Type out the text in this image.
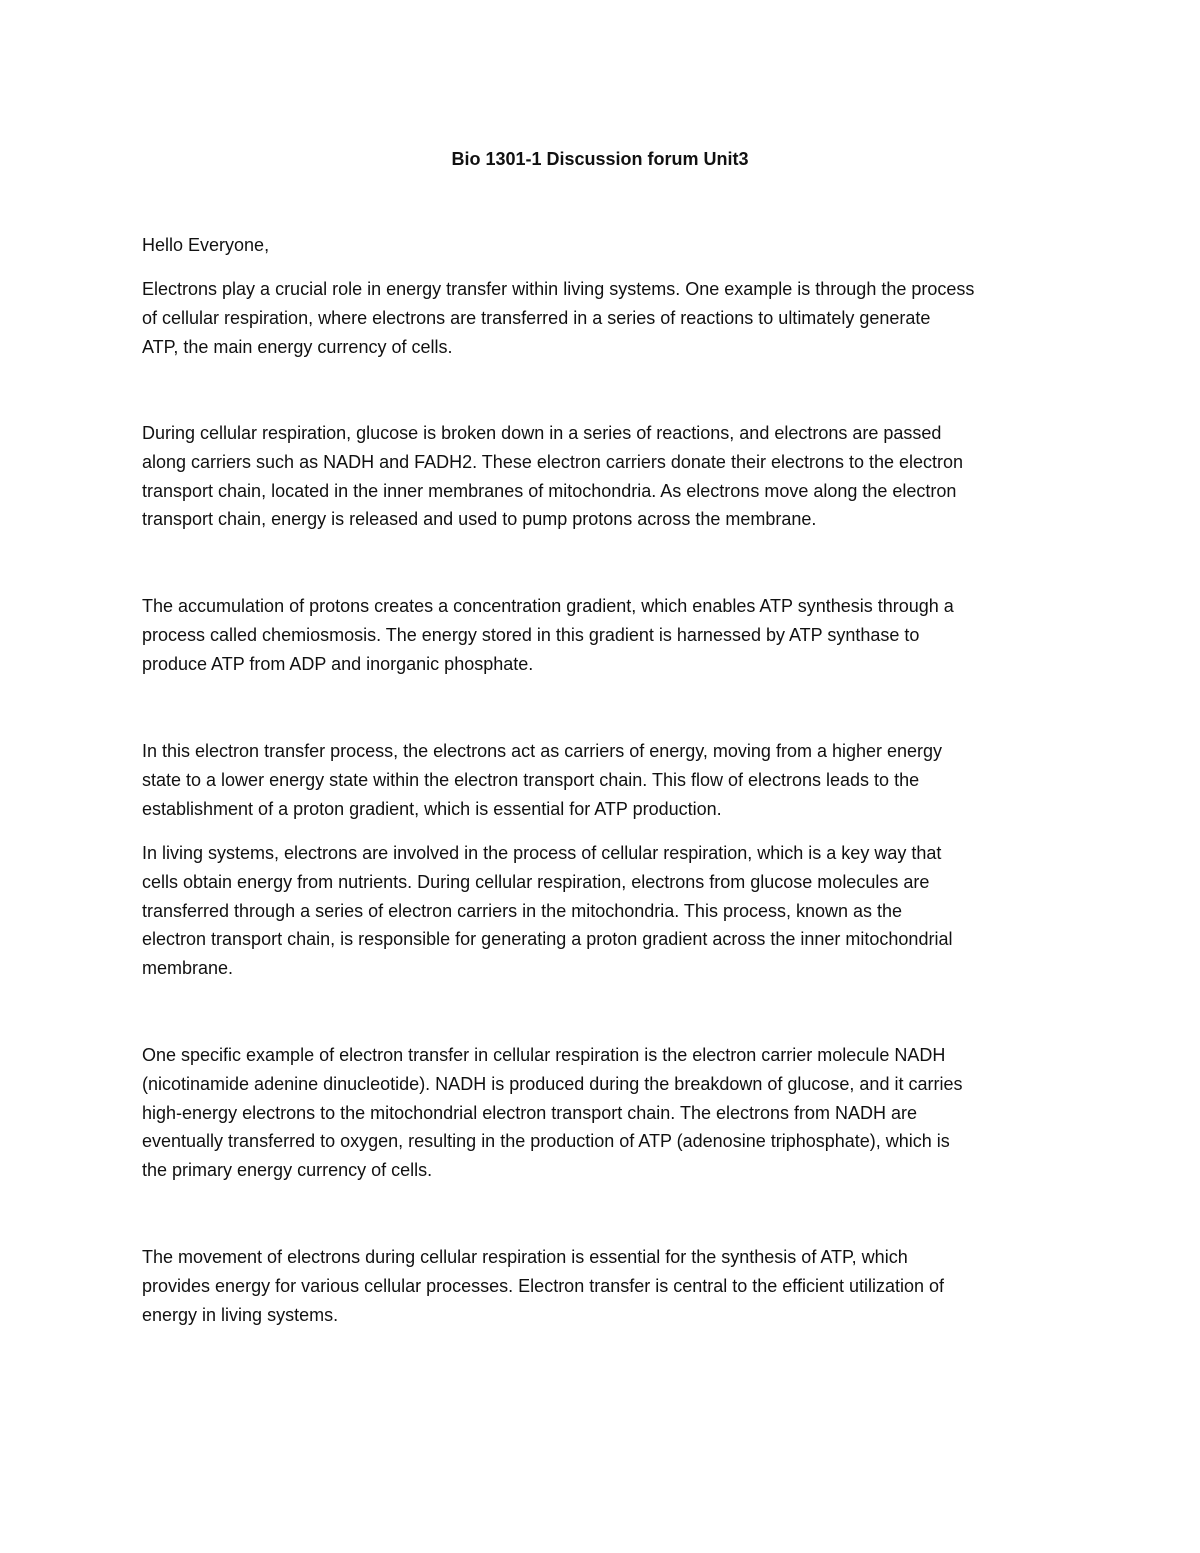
Bio 1301-1 Discussion forum Unit3

Hello Everyone,

Electrons play a crucial role in energy transfer within living systems. One example is through the process
of cellular respiration, where electrons are transferred in a series of reactions to ultimately generate
ATP, the main energy currency of cells.

During cellular respiration, glucose is broken down in a series of reactions, and electrons are passed
along carriers such as NADH and FADH2. These electron carriers donate their electrons to the electron
transport chain, located in the inner membranes of mitochondria. As electrons move along the electron
transport chain, energy is released and used to pump protons across the membrane.

The accumulation of protons creates a concentration gradient, which enables ATP synthesis through a
process called chemiosmosis. The energy stored in this gradient is harnessed by ATP synthase to
produce ATP from ADP and inorganic phosphate.

In this electron transfer process, the electrons act as carriers of energy, moving from a higher energy
state to a lower energy state within the electron transport chain. This flow of electrons leads to the
establishment of a proton gradient, which is essential for ATP production.

In living systems, electrons are involved in the process of cellular respiration, which is a key way that
cells obtain energy from nutrients. During cellular respiration, electrons from glucose molecules are
transferred through a series of electron carriers in the mitochondria. This process, known as the
electron transport chain, is responsible for generating a proton gradient across the inner mitochondrial
membrane.

One specific example of electron transfer in cellular respiration is the electron carrier molecule NADH
(nicotinamide adenine dinucleotide). NADH is produced during the breakdown of glucose, and it carries
high-energy electrons to the mitochondrial electron transport chain. The electrons from NADH are
eventually transferred to oxygen, resulting in the production of ATP (adenosine triphosphate), which is
the primary energy currency of cells.

The movement of electrons during cellular respiration is essential for the synthesis of ATP, which
provides energy for various cellular processes. Electron transfer is central to the efficient utilization of
energy in living systems.
